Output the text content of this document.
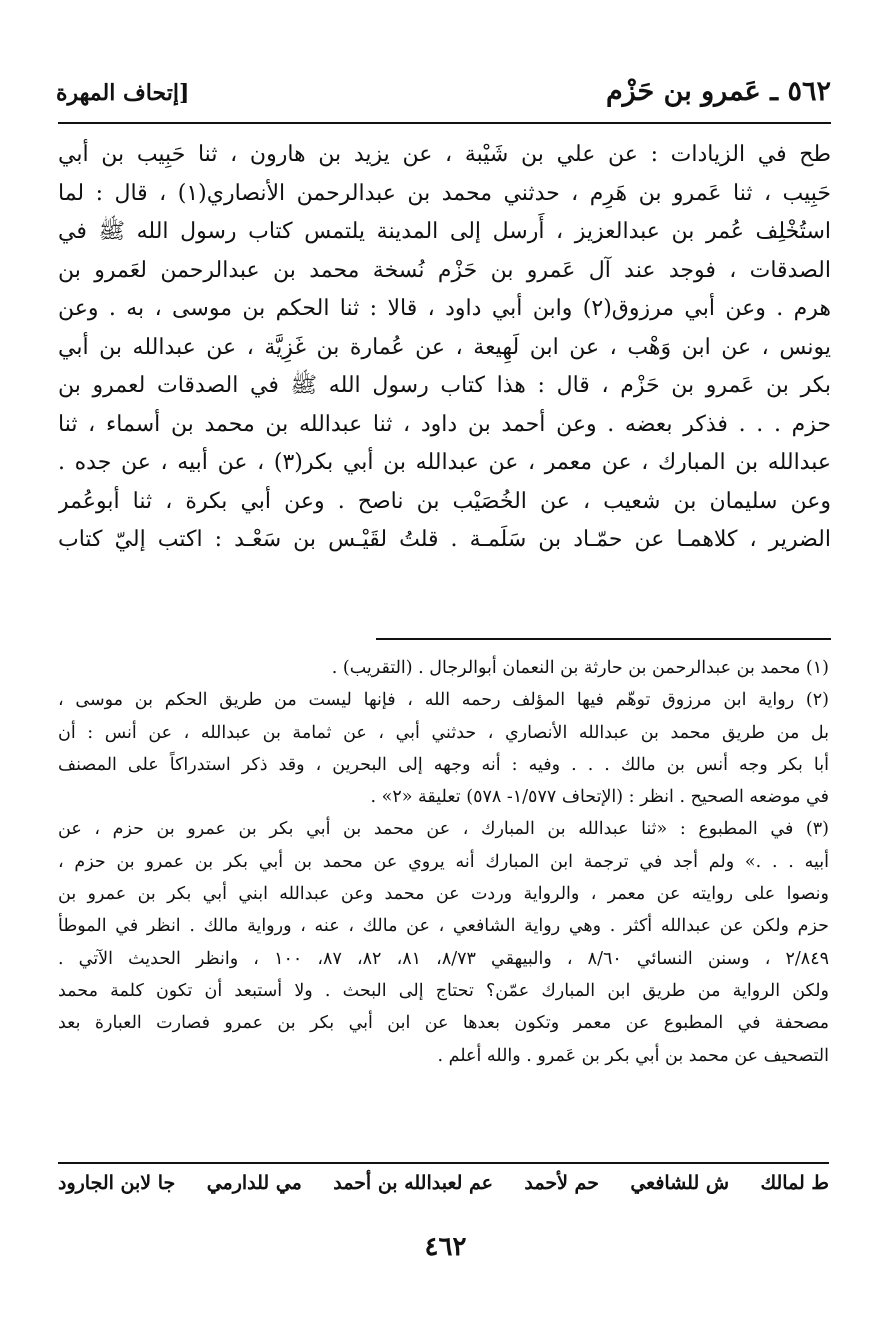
٥٦٢ ـ عَمرو بن حَزْم
[إتحاف المهرة
طح في الزيادات : عن علي بن شَيْبة ، عن يزيد بن هارون ، ثنا حَبِيب بن أبي
حَبِيب ، ثنا عَمرو بن هَرِم ، حدثني محمد بن عبدالرحمن الأنصاري(١) ، قال : لما
استُخْلِف عُمر بن عبدالعزيز ، أَرسل إلى المدينة يلتمس كتاب رسول الله ﷺ في
الصدقات ، فوجد عند آل عَمرو بن حَزْم نُسخة محمد بن عبدالرحمن لعَمرو بن
هرم . وعن أبي مرزوق(٢) وابن أبي داود ، قالا : ثنا الحكم بن موسى ، به . وعن
يونس ، عن ابن وَهْب ، عن ابن لَهِيعة ، عن عُمارة بن غَزِيَّة ، عن عبدالله بن أبي
بكر بن عَمرو بن حَزْم ، قال : هذا كتاب رسول الله ﷺ في الصدقات لعمرو بن
حزم . . . فذكر بعضه . وعن أحمد بن داود ، ثنا عبدالله بن محمد بن أسماء ، ثنا
عبدالله بن المبارك ، عن معمر ، عن عبدالله بن أبي بكر(٣) ، عن أبيه ، عن جده .
وعن سليمان بن شعيب ، عن الخُصَيْب بن ناصح . وعن أبي بكرة ، ثنا أبوعُمر
الضرير ، كلاهمـا عن حمّـاد بن سَلَمـة . قلتُ لقَيْـس بن سَعْـد : اكتب إليّ كتاب
(١) محمد بن عبدالرحمن بن حارثة بن النعمان أبوالرجال . (التقريب) .
(٢) رواية ابن مرزوق توهّم فيها المؤلف رحمه الله ، فإنها ليست من طريق الحكم بن موسى ،
بل من طريق محمد بن عبدالله الأنصاري ، حدثني أبي ، عن ثمامة بن عبدالله ، عن أنس : أن
أبا بكر وجه أنس بن مالك . . . وفيه : أنه وجهه إلى البحرين ، وقد ذكر استدراكاً على المصنف
في موضعه الصحيح . انظر : (الإتحاف ١/٥٧٧- ٥٧٨) تعليقة «٢» .
(٣) في المطبوع : «ثنا عبدالله بن المبارك ، عن محمد بن أبي بكر بن عمرو بن حزم ، عن
أبيه . . .» ولم أجد في ترجمة ابن المبارك أنه يروي عن محمد بن أبي بكر بن عمرو بن حزم ،
ونصوا على روايته عن معمر ، والرواية وردت عن محمد وعن عبدالله ابني أبي بكر بن عمرو بن
حزم ولكن عن عبدالله أكثر . وهي رواية الشافعي ، عن مالك ، عنه ، ورواية مالك . انظر في الموطأ
٢/٨٤٩ ، وسنن النسائي ٨/٦٠ ، والبيهقي ٨/٧٣، ٨١، ٨٢، ٨٧، ١٠٠ ، وانظر الحديث الآتي .
ولكن الرواية من طريق ابن المبارك عمّن؟ تحتاج إلى البحث . ولا أستبعد أن تكون كلمة محمد
مصحفة في المطبوع عن معمر وتكون بعدها عن ابن أبي بكر بن عمرو فصارت العبارة بعد
التصحيف عن محمد بن أبي بكر بن عَمرو . والله أعلم .
ط لمالك
ش للشافعي
حم لأحمد
عم لعبدالله بن أحمد
مي للدارمي
جا لابن الجارود
٤٦٢
